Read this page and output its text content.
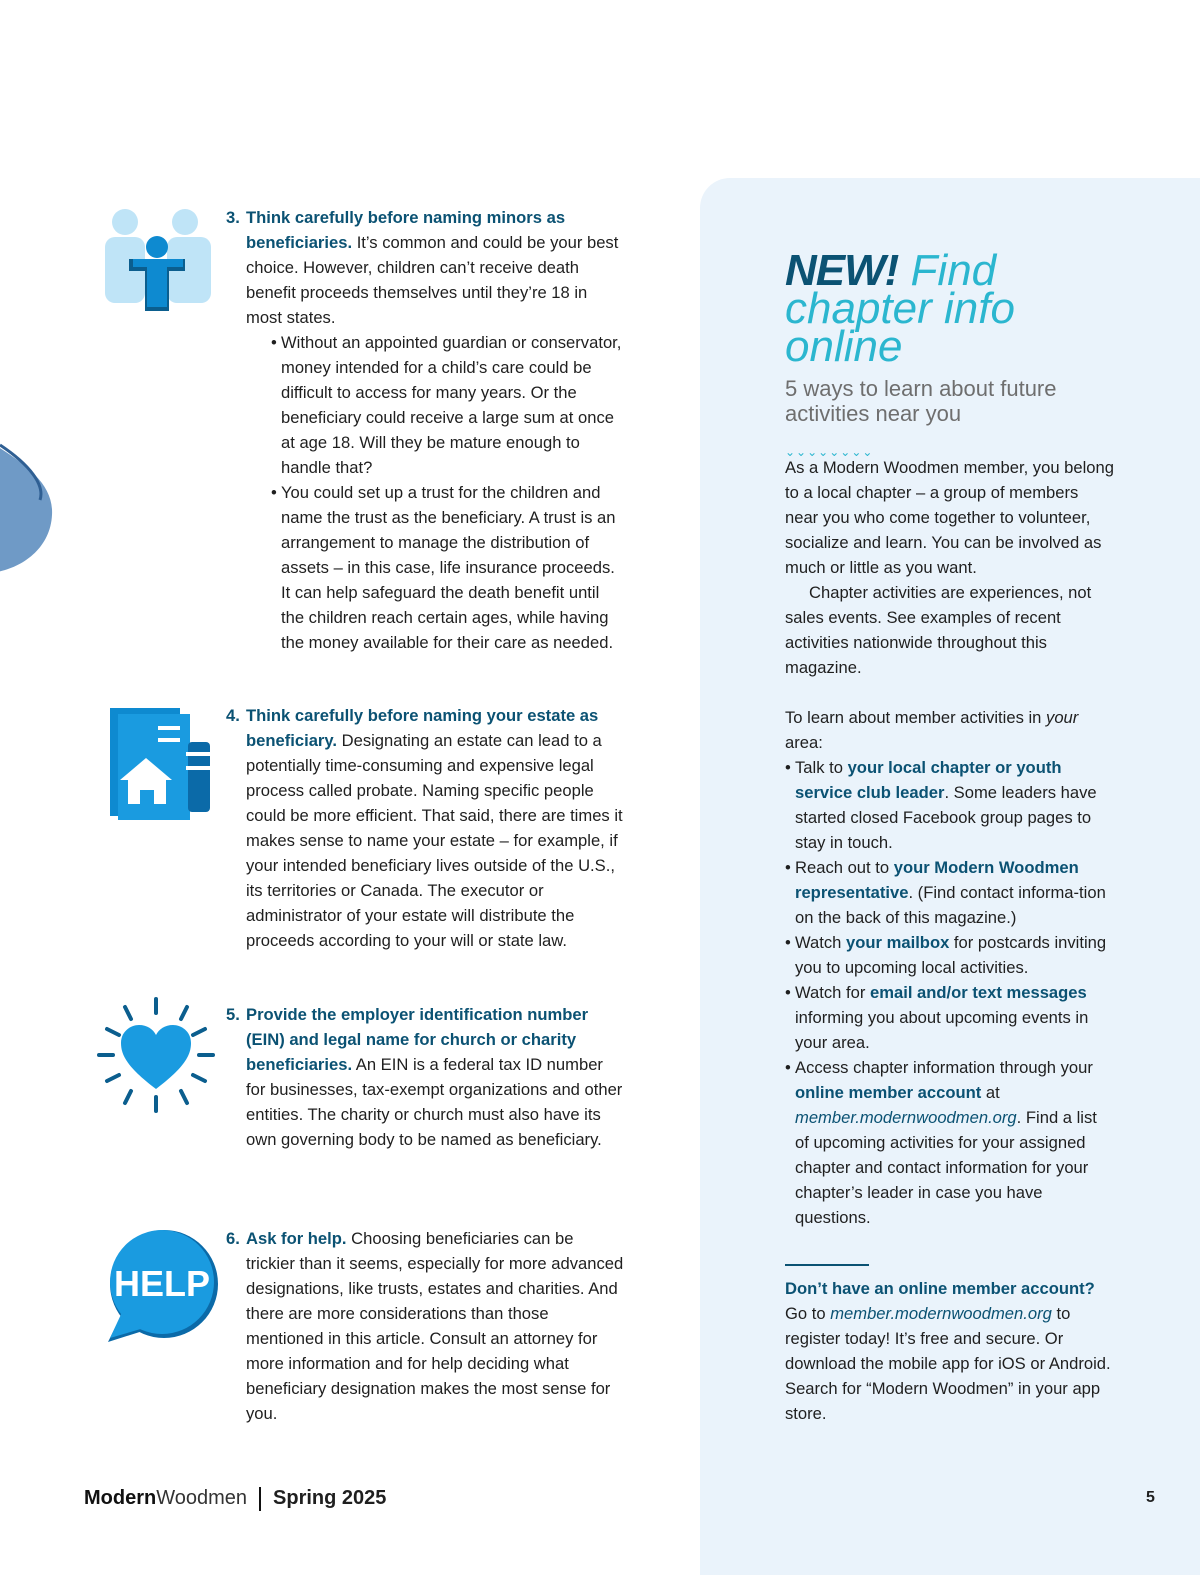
3. Think carefully before naming minors as beneficiaries. It’s common and could be your best choice. However, children can’t receive death benefit proceeds themselves until they’re 18 in most states.
• Without an appointed guardian or conservator, money intended for a child’s care could be difficult to access for many years. Or the beneficiary could receive a large sum at once at age 18. Will they be mature enough to handle that?
• You could set up a trust for the children and name the trust as the beneficiary. A trust is an arrangement to manage the distribution of assets – in this case, life insurance proceeds. It can help safeguard the death benefit until the children reach certain ages, while having the money available for their care as needed.
4. Think carefully before naming your estate as beneficiary. Designating an estate can lead to a potentially time-consuming and expensive legal process called probate. Naming specific people could be more efficient. That said, there are times it makes sense to name your estate – for example, if your intended beneficiary lives outside of the U.S., its territories or Canada. The executor or administrator of your estate will distribute the proceeds according to your will or state law.
5. Provide the employer identification number (EIN) and legal name for church or charity beneficiaries. An EIN is a federal tax ID number for businesses, tax-exempt organizations and other entities. The charity or church must also have its own governing body to be named as beneficiary.
HELP
6. Ask for help. Choosing beneficiaries can be trickier than it seems, especially for more advanced designations, like trusts, estates and charities. And there are more considerations than those mentioned in this article. Consult an attorney for more information and for help deciding what beneficiary designation makes the most sense for you.
NEW! Find chapter info online
5 ways to learn about future activities near you
⌄⌄⌄⌄⌄⌄⌄⌄
As a Modern Woodmen member, you belong to a local chapter – a group of members near you who come together to volunteer, socialize and learn. You can be involved as much or little as you want.
Chapter activities are experiences, not sales events. See examples of recent activities nationwide throughout this magazine.
To learn about member activities in your area:
• Talk to your local chapter or youth service club leader. Some leaders have started closed Facebook group pages to stay in touch.
• Reach out to your Modern Woodmen representative. (Find contact informa-tion on the back of this magazine.)
• Watch your mailbox for postcards inviting you to upcoming local activities.
• Watch for email and/or text messages informing you about upcoming events in your area.
• Access chapter information through your online member account at member.modernwoodmen.org. Find a list of upcoming activities for your assigned chapter and contact information for your chapter’s leader in case you have questions.
Don’t have an online member account?
Go to member.modernwoodmen.org to register today! It’s free and secure. Or download the mobile app for iOS or Android. Search for “Modern Woodmen” in your app store.
ModernWoodmen Spring 2025	5
